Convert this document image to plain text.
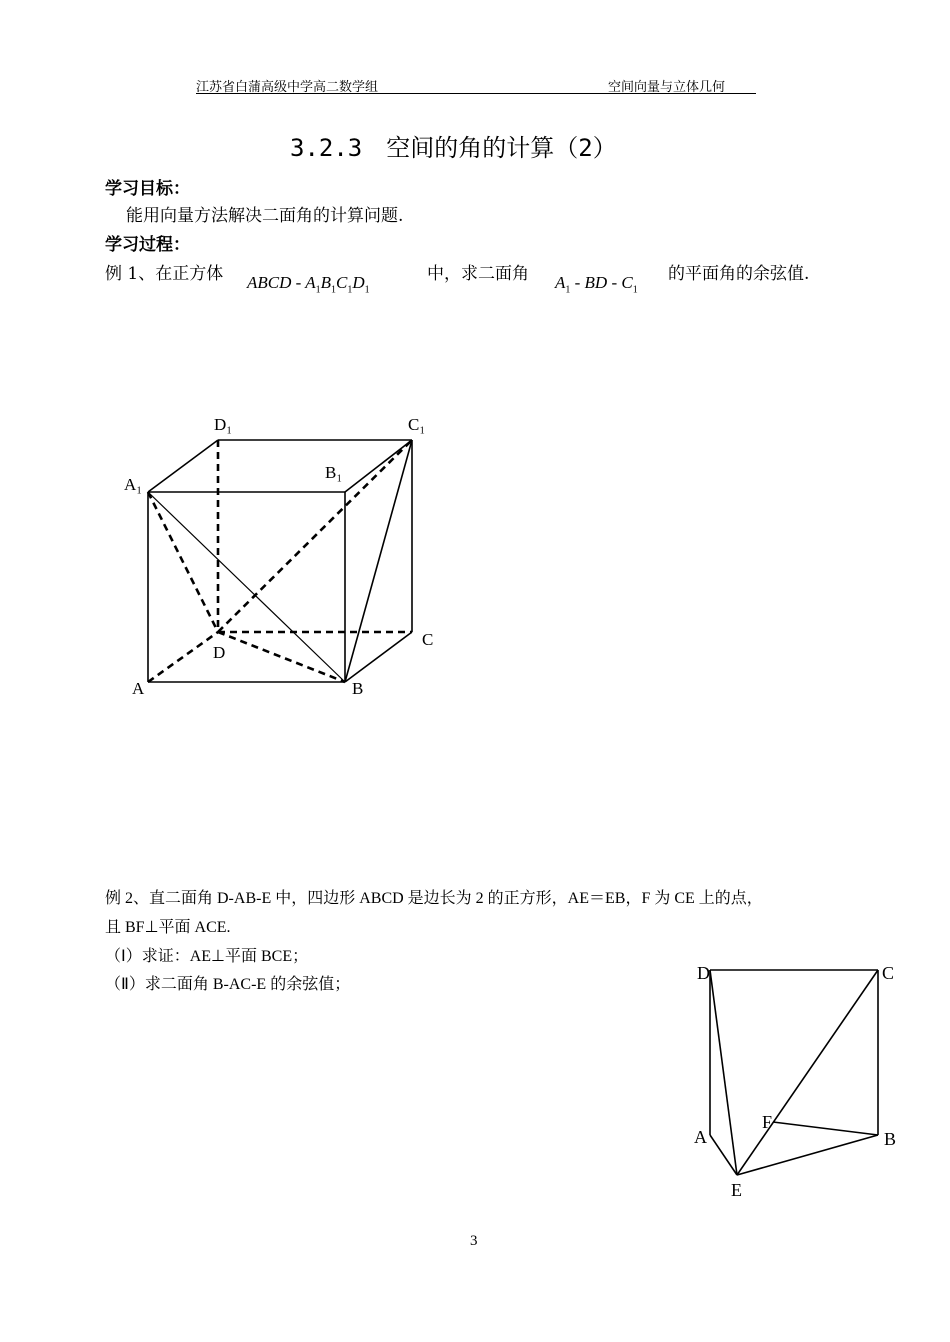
江苏省白蒲高级中学高二数学组	空间向量与立体几何
3.2.3　空间的角的计算（2）
学习目标：
能用向量方法解决二面角的计算问题.
学习过程：
例 1、在正方体 ABCD - $A_1B_1C_1D_1$
中，求二面角 $A_1$ - BD - $C_1$
的平面角的余弦值.
D₁	C₁
B₁
A₁
C
D
A	B
例 2、直二面角 D-AB-E 中，四边形 ABCD 是边长为 2 的正方形，AE＝EB，F 为 CE 上的点，
且 BF⊥平面 ACE.
（Ⅰ）求证：AE⊥平面 BCE；
（Ⅱ）求二面角 B-AC-E 的余弦值；
D	C
A	B
F
E
3
